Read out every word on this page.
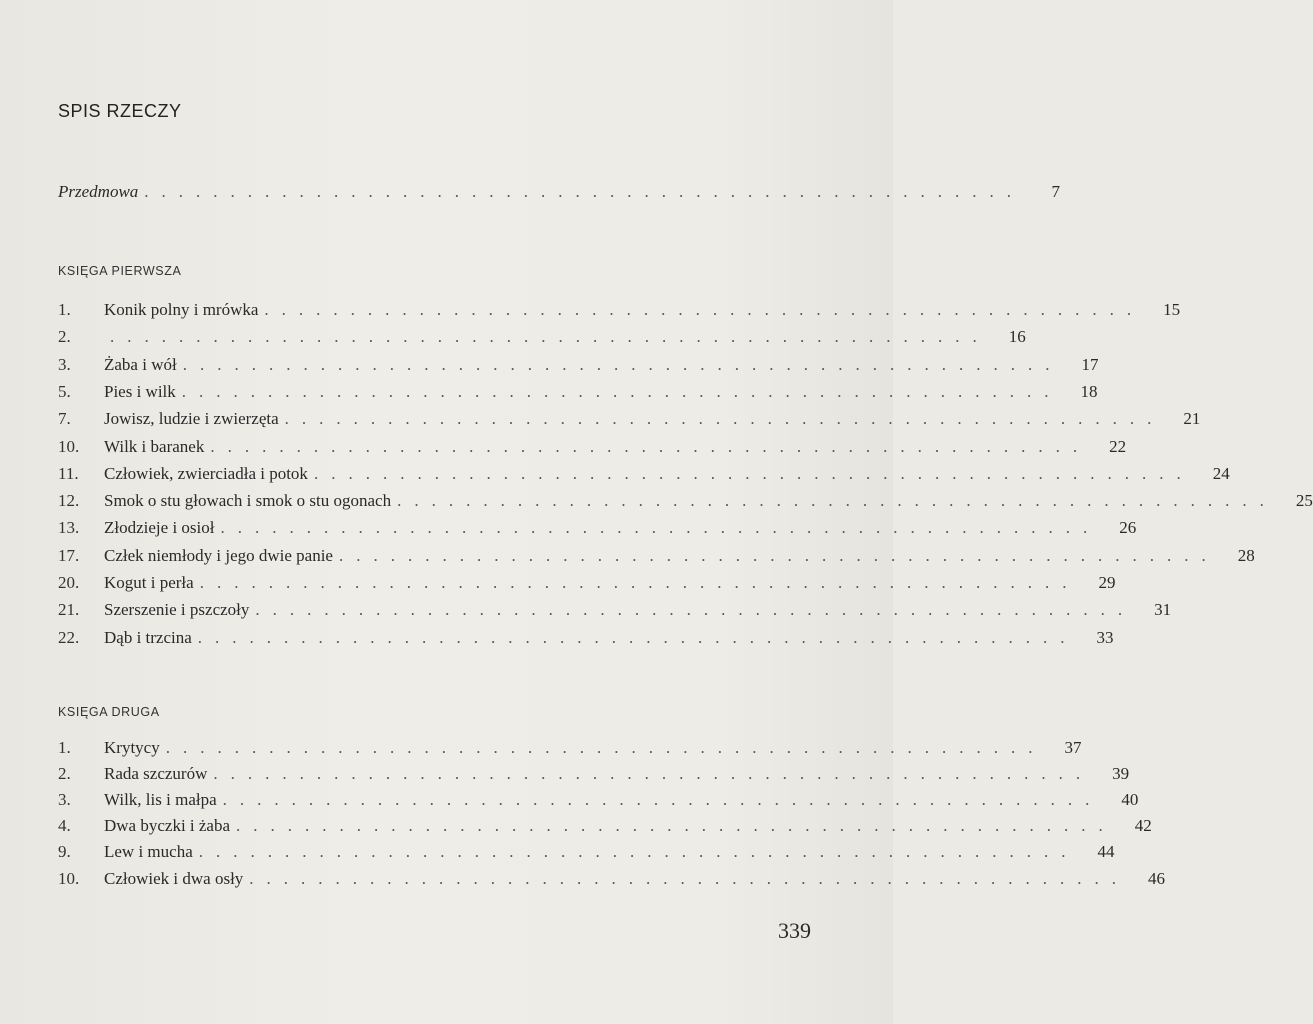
SPIS RZECZY
Przedmowa ...................................................	7
KSIĘGA PIERWSZA
1.	Konik polny i mrówka ...................................................	15
2.	...................................................	16
3.	Żaba i wół ...................................................	17
5.	Pies i wilk ...................................................	18
7.	Jowisz, ludzie i zwierzęta ...................................................	21
10.	Wilk i baranek ...................................................	22
11.	Człowiek, zwierciadła i potok ...................................................	24
12.	Smok o stu głowach i smok o stu ogonach ...................................................	25
13.	Złodzieje i osioł ...................................................	26
17.	Człek niemłody i jego dwie panie ...................................................	28
20.	Kogut i perła ...................................................	29
21.	Szerszenie i pszczoły ...................................................	31
22.	Dąb i trzcina ...................................................	33
KSIĘGA DRUGA
1.	Krytycy ...................................................	37
2.	Rada szczurów ...................................................	39
3.	Wilk, lis i małpa ...................................................	40
4.	Dwa byczki i żaba ...................................................	42
9.	Lew i mucha ...................................................	44
10.	Człowiek i dwa osły ...................................................	46
339
